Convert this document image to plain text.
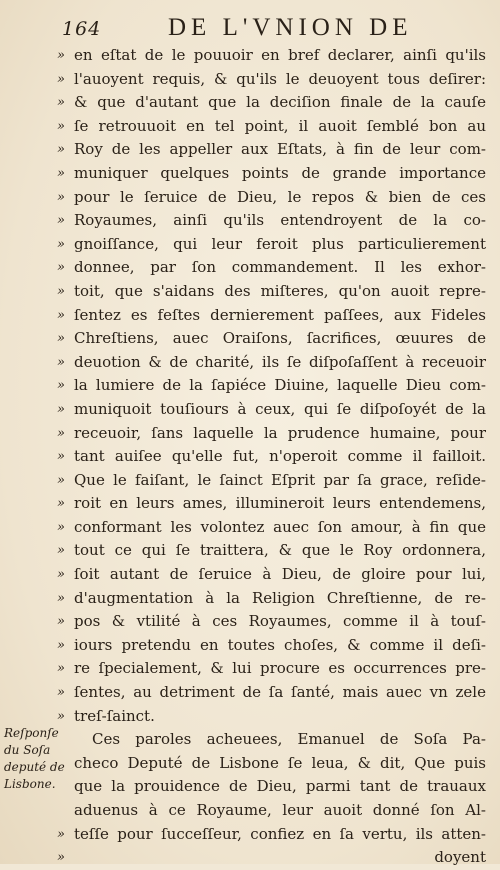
164	DE L'VNION DE
» en eſtat de le pouuoir en bref declarer, ainſi qu'ils
» l'auoyent requis, & qu'ils le deuoyent tous deſirer:
» & que d'autant que la deciſion finale de la cauſe
» ſe retrouuoit en tel point, il auoit ſemblé bon au
» Roy de les appeller aux Eſtats, à fin de leur com-
» muniquer quelques points de grande importance
» pour le ſeruice de Dieu, le repos & bien de ces
» Royaumes, ainſi qu'ils entendroyent de la co-
» gnoiſſance, qui leur feroit plus particulierement
» donnee, par ſon commandement. Il les exhor-
» toit, que s'aidans des miſteres, qu'on auoit repre-
» ſentez es feſtes dernierement paſſees, aux Fideles
» Chreſtiens, auec Oraiſons, ſacrifices, œuures de
» deuotion & de charité, ils ſe diſpoſaſſent à receuoir
» la lumiere de la ſapiéce Diuine, laquelle Dieu com-
» muniquoit touſiours à ceux, qui ſe diſpoſoyét de la
» receuoir, ſans laquelle la prudence humaine, pour
» tant auiſee qu'elle fut, n'operoit comme il failloit.
» Que le faiſant, le ſainct Eſprit par ſa grace, reſide-
» roit en leurs ames, illumineroit leurs entendemens,
» conformant les volontez auec ſon amour, à fin que
» tout ce qui ſe traittera, & que le Roy ordonnera,
» ſoit autant de ſeruice à Dieu, de gloire pour lui,
» d'augmentation à la Religion Chreſtienne, de re-
» pos & vtilité à ces Royaumes, comme il à touſ-
» iours pretendu en toutes choſes, & comme il deſi-
» re ſpecialement, & lui procure es occurrences pre-
» ſentes, au detriment de ſa ſanté, mais auec vn zele
» treſ-ſainct.
Ces paroles acheuees, Emanuel de Soſa Pa-
checo Deputé de Lisbone ſe leua, & dit, Que puis
que la prouidence de Dieu, parmi tant de trauaux
aduenus à ce Royaume, leur auoit donné ſon Al-
» teſſe pour ſucceſſeur, confiez en ſa vertu, ils atten-
»	doyent
Reſponſe
du Soſa
deputé de
Lisbone.
